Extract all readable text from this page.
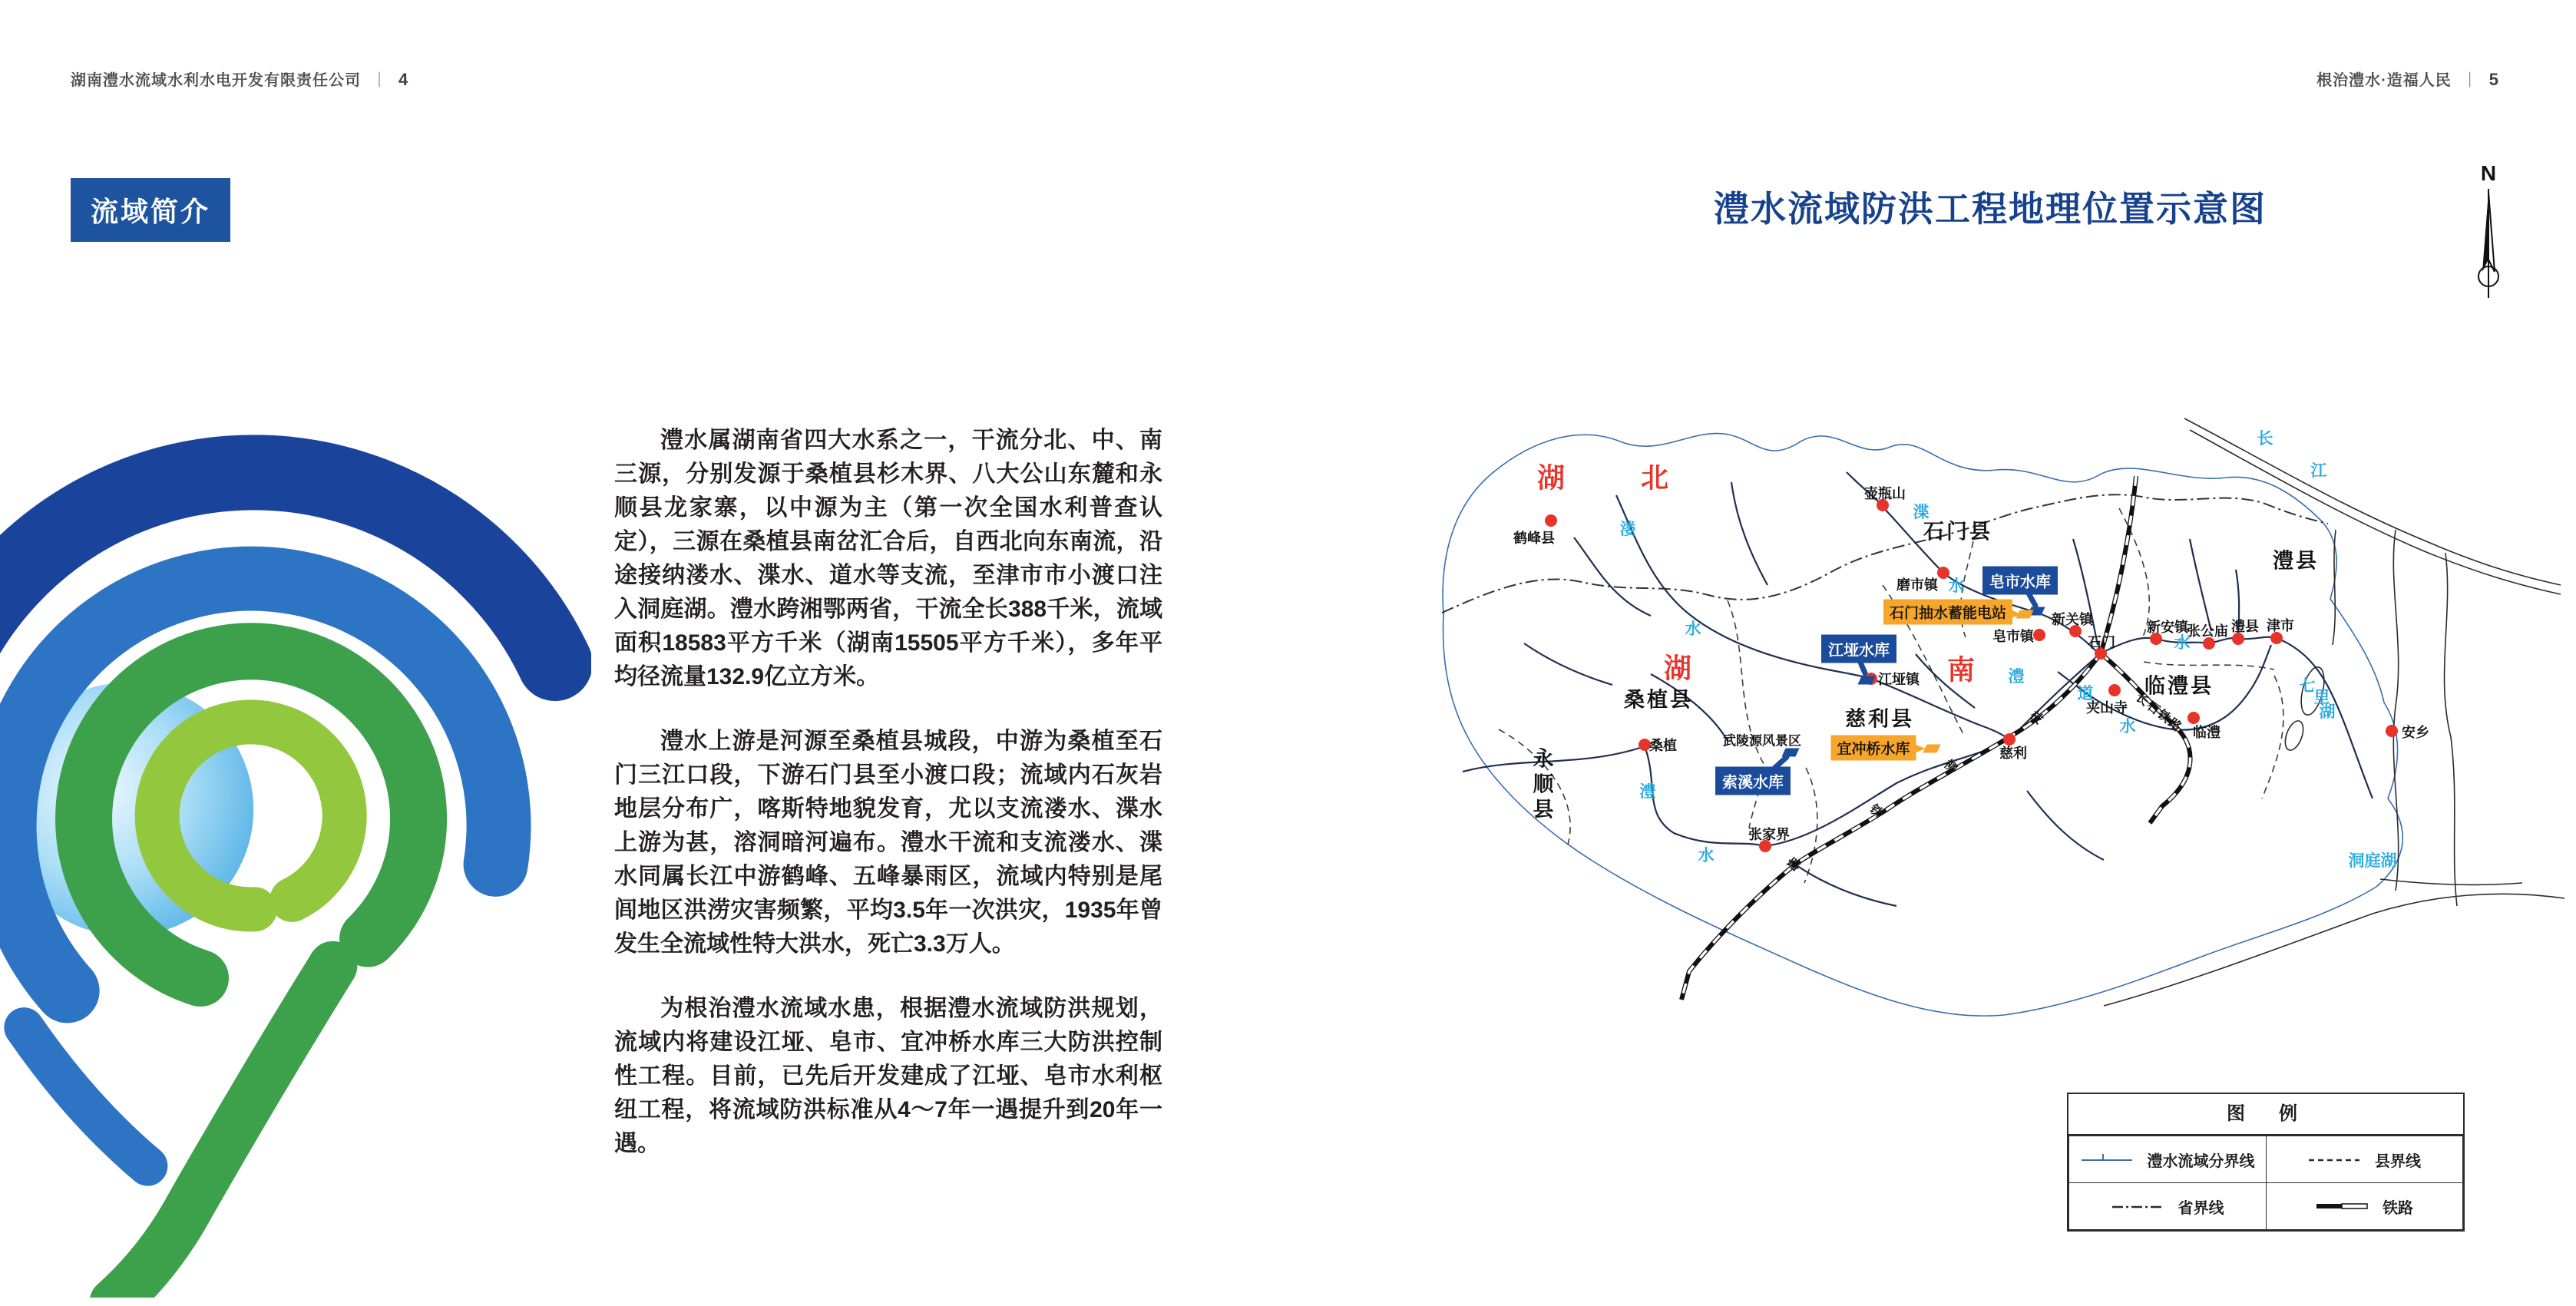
湖南澧水流域水利水电开发有限责任公司 ｜ 4	根治澧水·造福人民 ｜ 5
流域简介

澧水属湖南省四大水系之一，干流分北、中、南三源，分别发源于桑植县杉木界、八大公山东麓和永顺县龙家寨，以中源为主（第一次全国水利普查认定），三源在桑植县南岔汇合后，自西北向东南流，沿途接纳溇水、渫水、道水等支流，至津市市小渡口注入洞庭湖。澧水跨湘鄂两省，干流全长388千米，流域面积18583平方千米（湖南15505平方千米），多年平均径流量132.9亿立方米。

澧水上游是河源至桑植县城段，中游为桑植至石门三江口段，下游石门县至小渡口段；流域内石灰岩地层分布广，喀斯特地貌发育，尤以支流溇水、渫水上游为甚，溶洞暗河遍布。澧水干流和支流溇水、渫水同属长江中游鹤峰、五峰暴雨区，流域内特别是尾闾地区洪涝灾害频繁，平均3.5年一次洪灾，1935年曾发生全流域性特大洪水，死亡3.3万人。

为根治澧水流域水患，根据澧水流域防洪规划，流域内将建设江垭、皂市、宜冲桥水库三大防洪控制性工程。目前，已先后开发建成了江垭、皂市水利枢纽工程，将流域防洪标准从4～7年一遇提升到20年一遇。

澧水流域防洪工程地理位置示意图
N
湖	北
湖	南
石门县
澧县
临澧县
慈利县
桑植县
永顺县
鹤峰县
壶瓶山
磨市镇
皂市镇
新关镇
石门
新安镇
张公庙 澧县 津市
江垭镇
桑植
张家界
慈利
临澧
夹山寺
安乡
溇
水
渫
水
澧
水
澧
水
道
水
长
江
七
里
湖
洞庭湖
武陵源风景区
长石铁路
枝
柳
铁
路
江垭水库
皂市水库
索溪水库
石门抽水蓄能电站
宜冲桥水库
图　例
澧水流域分界线	县界线
省界线	铁路
